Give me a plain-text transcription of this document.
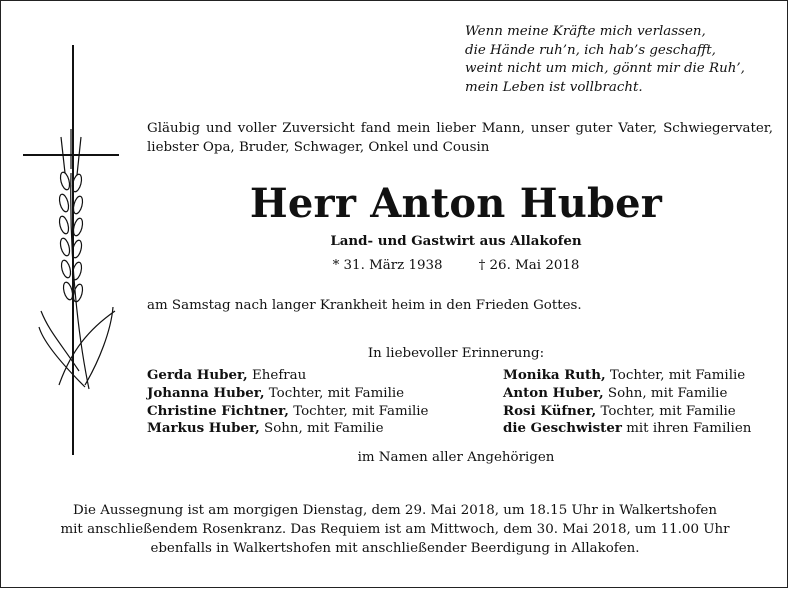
Wenn meine Kräfte mich verlassen,
die Hände ruh’n, ich hab’s geschafft,
weint nicht um mich, gönnt mir die Ruh’,
mein Leben ist vollbracht.
Gläubig und voller Zuversicht fand mein lieber Mann, unser guter Vater, Schwiegervater, liebster Opa, Bruder, Schwager, Onkel und Cousin
Herr Anton Huber
Land- und Gastwirt aus Allakofen
* 31. März 1938	† 26. Mai 2018
am Samstag nach langer Krankheit heim in den Frieden Gottes.
In liebevoller Erinnerung:
Gerda Huber, Ehefrau
Johanna Huber, Tochter, mit Familie
Christine Fichtner, Tochter, mit Familie
Markus Huber, Sohn, mit Familie
Monika Ruth, Tochter, mit Familie
Anton Huber, Sohn, mit Familie
Rosi Küfner, Tochter, mit Familie
die Geschwister mit ihren Familien
im Namen aller Angehörigen
Die Aussegnung ist am morgigen Dienstag, dem 29. Mai 2018, um 18.15 Uhr in Walkertshofen
mit anschließendem Rosenkranz. Das Requiem ist am Mittwoch, dem 30. Mai 2018, um 11.00 Uhr
ebenfalls in Walkertshofen mit anschließender Beerdigung in Allakofen.
